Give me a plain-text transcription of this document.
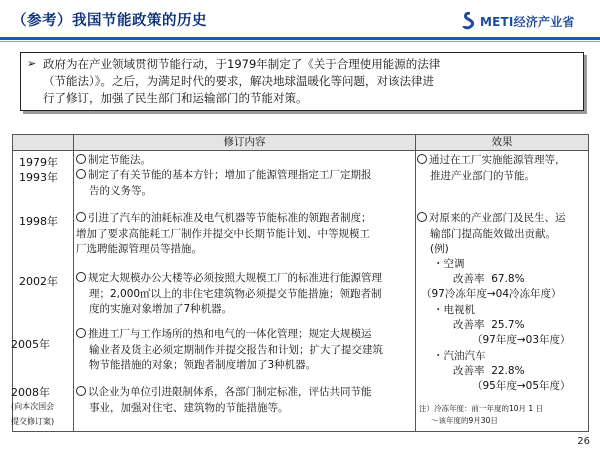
（参考）我国节能政策的历史	METI经济产业省
➢ 政府为在产业领域贯彻节能行动，于1979年制定了《关于合理使用能源的法律
（节能法）》。之后，为满足时代的要求，解决地球温暖化等问题，对该法律进
行了修订，加强了民生部门和运输部门的节能对策。
修订内容	效果
1979年
1993年
1998年
2002年
2005年
2008年
(向本次国会
提交修订案)
制定节能法。
制定了有关节能的基本方针；增加了能源管理指定工厂定期报
告的义务等。
引进了汽车的油耗标准及电气机器等节能标准的领跑者制度；
增加了要求高能耗工厂制作并提交中长期节能计划、中等规模工
厂选聘能源管理员等措施。
规定大规模办公大楼等必须按照大规模工厂的标准进行能源管理
理；2,000㎡以上的非住宅建筑物必须提交节能措施；领跑者制
度的实施对象增加了7种机器。
推进工厂与工作场所的热和电气的一体化管理；规定大规模运
输业者及货主必须定期制作并提交报告和计划；扩大了提交建筑
物节能措施的对象；领跑者制度增加了3种机器。
以企业为单位引进限制体系，各部门制定标准，评估共同节能
事业，加强对住宅、建筑物的节能措施等。
通过在工厂实施能源管理等，
推进产业部门的节能。
对原来的产业部门及民生、运
输部门提高能效做出贡献。
(例)
・空调
改善率 67.8%
（97冷冻年度→04冷冻年度）
・电视机
改善率 25.7%
（97年度→03年度）
・汽油汽车
改善率 22.8%
（95年度→05年度）
注）冷冻年度：前一年度的10月 1 日
～该年度的9月30日
26
